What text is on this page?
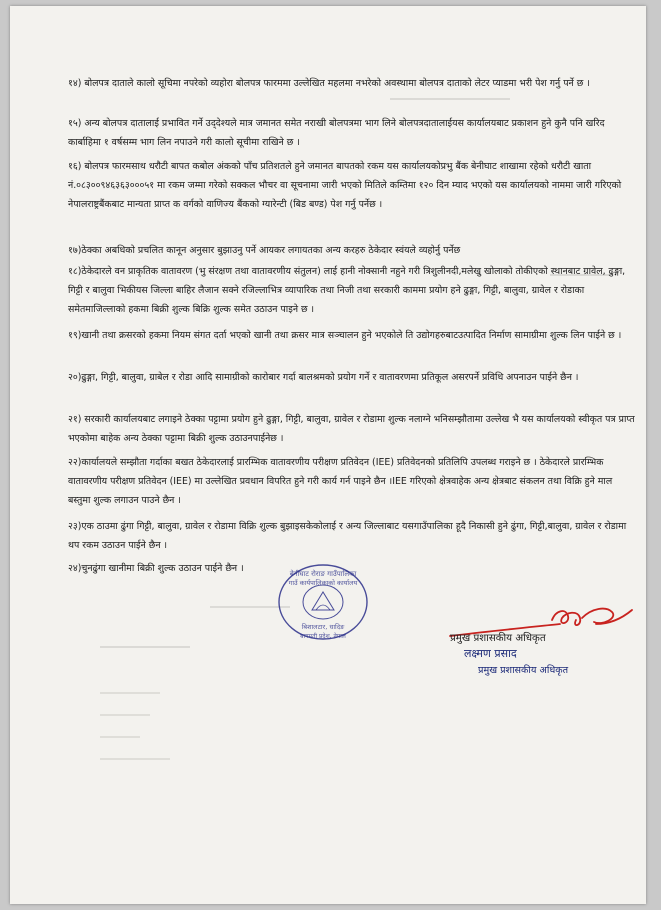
१४) बोलपत्र दाताले कालो सूचिमा नपरेको व्यहोरा बोलपत्र फारममा उल्लेखित महलमा नभरेको अवस्थामा बोलपत्र दाताको लेटर प्याडमा भरी पेश गर्नु पर्ने छ ।

१५) अन्य बोलपत्र दातालाई प्रभावित गर्ने उद्‌देश्यले मात्र जमानत समेत नराखी बोलपत्रमा भाग लिने बोलपत्रदातालाईयस कार्यालयबाट प्रकाशन हुने कुनै पनि खरिद कार्बाहिमा १ वर्षसम्म भाग लिन नपाउने गरी कालो सूचीमा राखिने छ ।

१६) बोलपत्र फारमसाथ धरौटी बापत कबोल अंकको पाँच प्रतिशतले हुने जमानत बापतको रकम यस कार्यालयकोप्रभु बैंक बेनीघाट शाखामा रहेको धरौटी खाता नं.०८३००९४६३६३०००५१ मा रकम जम्मा गरेको सक्कल भौचर वा सूचनामा जारी भएको मितिले कम्तिमा १२० दिन म्याद भएको यस कार्यालयको नाममा जारी गरिएको नेपालराष्ट्रबैंकबाट मान्यता प्राप्त क वर्गको वाणिज्य बैंकको ग्यारेन्टी (बिड बण्ड) पेश गर्नु पर्नेछ ।

१७)ठेक्का अबधिको प्रचलित कानून अनुसार बुझाउनु पर्ने आयकर लगायतका अन्य करहरु ठेकेदार स्वंयले व्यहोर्नु पर्नेछ

१८)ठेकेदारले वन प्राकृतिक वातावरण (भु संरक्षण तथा वातावरणीय संतुलन) लाई हानी नोक्सानी नहुने गरी त्रिशुलीनदी,मलेखु खोलाको तोकीएको स्थानबाट ग्रावेल, ढुङ्गा, गिट्टी र बालुवा भिकीयस जिल्ला बाहिर लैजान सक्ने रजिल्लाभित्र व्यापारिक तथा निजी तथा सरकारी काममा प्रयोग हने ढुङ्गा, गिट्टी, बालुवा, ग्रावेल र रोडाका समेतमाजिल्लाको हकमा बिक्री शुल्क बिक्रि शुल्क समेत उठाउन पाइने छ ।

१९)खानी तथा क्रसरको हकमा नियम संगत दर्ता भएको खानी तथा क्रसर मात्र सञ्चालन हुने भएकोले ति उद्योगहरुबाटउत्पादित निर्माण सामाग्रीमा शुल्क लिन पाईने छ ।

२०)ढुङ्गा, गिट्टी, बालुवा, ग्राबेल र रोडा आदि सामाग्रीको कारोबार गर्दा बालश्रमको प्रयोग गर्ने र वातावरणमा प्रतिकूल असरपर्ने प्रविधि अपनाउन पाईने छैन ।

२१) सरकारी कार्यालयबाट लगाइने ठेक्का पट्टामा प्रयोग हुने ढुङ्गा, गिट्टी, बालुवा, ग्रावेल र रोडामा शुल्क नलाग्ने भनिसम्झौतामा उल्लेख भै यस कार्यालयको स्वीकृत पत्र प्राप्त भएकोमा बाहेक अन्य ठेक्का पट्टामा बिक्री शुल्क उठाउनपाईनेछ ।

२२)कार्यालयले सम्झौता गर्दाका बखत ठेकेदारलाई प्रारम्भिक वातावरणीय परीक्षण प्रतिवेदन (IEE) प्रतिवेदनको प्रतिलिपि उपलब्ध गराइने छ । ठेकेदारले प्रारम्भिक वातावरणीय परीक्षण प्रतिवेदन (IEE) मा उल्लेखित प्रवधान विपरित हुने गरी कार्य गर्न पाइने छैन ।IEE गरिएको क्षेत्रवाहेक अन्य क्षेत्रबाट संकलन तथा विक्रि हुने माल बस्तुमा शुल्क लगाउन पाउने छैन ।

२३)एक ठाउमा ढुंगा गिट्टी, बालुवा, ग्रावेल र रोडामा विक्रि शुल्क बुझाइसकेकोलाई र अन्य जिल्लाबाट यसगाउँपालिका हूदै निकासी हुने ढुंगा, गिट्टी,बालुवा, ग्रावेल र रोडामा थप रकम उठाउन पाईने छैन ।

२४)चुनढुंगा खानीमा बिक्री शुल्क उठाउन पाईने छैन ।	बेनीघाट रोराङ गाउँपालिका
गाउँ कार्यपालिकाको कार्यालय
बिशालटार, धादिङ
बागमती प्रदेश, नेपाल	प्रमुख प्रशासकीय अधिकृत
लक्ष्मण प्रसाद
प्रमुख प्रशासकीय अधिकृत
